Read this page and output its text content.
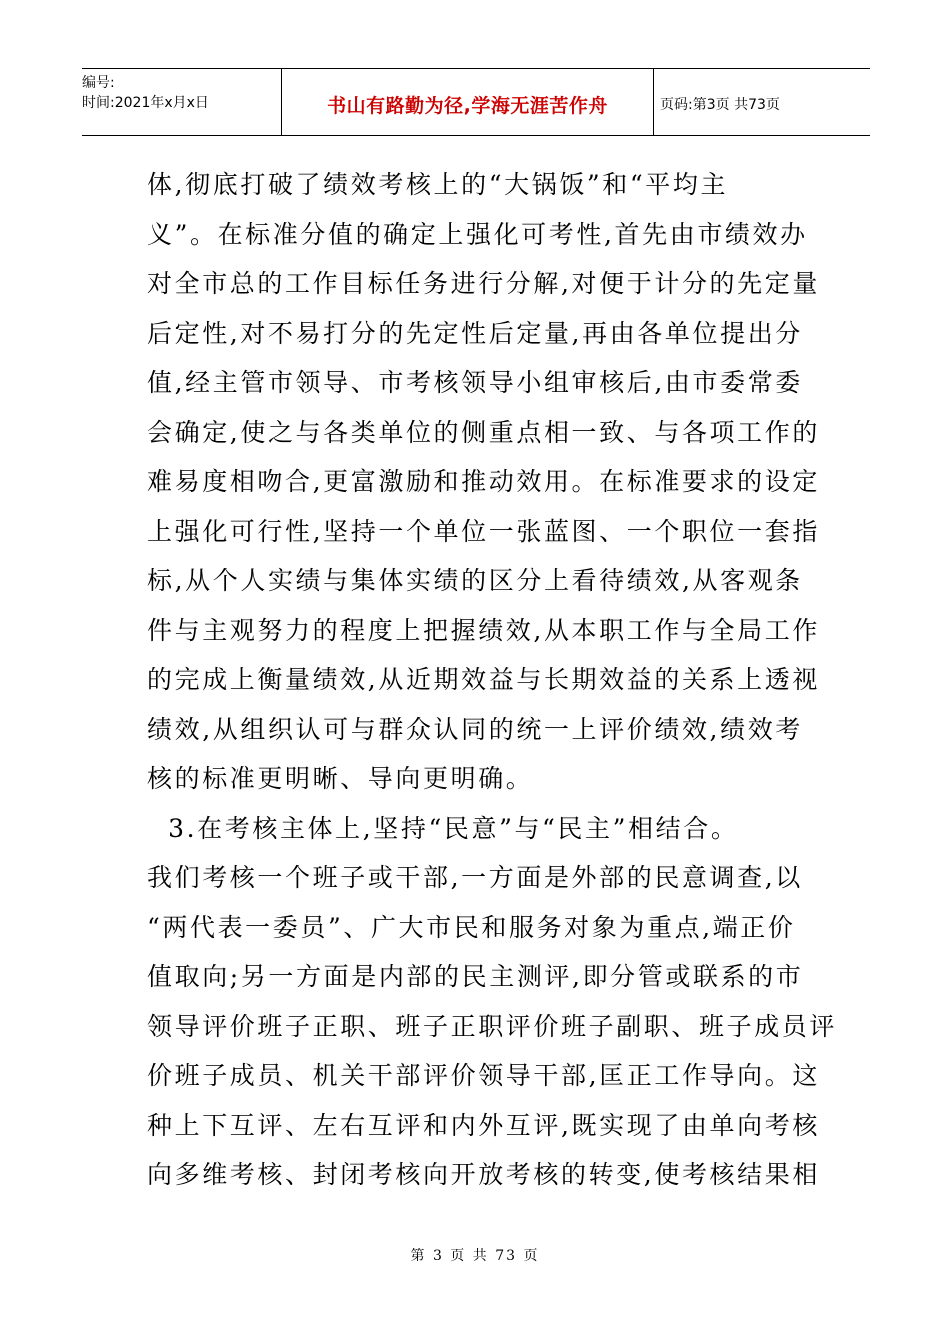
编号:
时间:2021年x月x日	书山有路勤为径,学海无涯苦作舟	页码:第3页 共73页
体,彻底打破了绩效考核上的“大锅饭”和“平均主
义”。在标准分值的确定上强化可考性,首先由市绩效办
对全市总的工作目标任务进行分解,对便于计分的先定量
后定性,对不易打分的先定性后定量,再由各单位提出分
值,经主管市领导、市考核领导小组审核后,由市委常委
会确定,使之与各类单位的侧重点相一致、与各项工作的
难易度相吻合,更富激励和推动效用。在标准要求的设定
上强化可行性,坚持一个单位一张蓝图、一个职位一套指
标,从个人实绩与集体实绩的区分上看待绩效,从客观条
件与主观努力的程度上把握绩效,从本职工作与全局工作
的完成上衡量绩效,从近期效益与长期效益的关系上透视
绩效,从组织认可与群众认同的统一上评价绩效,绩效考
核的标准更明晰、导向更明确。
3.在考核主体上,坚持“民意”与“民主”相结合。
我们考核一个班子或干部,一方面是外部的民意调查,以
“两代表一委员”、广大市民和服务对象为重点,端正价
值取向;另一方面是内部的民主测评,即分管或联系的市
领导评价班子正职、班子正职评价班子副职、班子成员评
价班子成员、机关干部评价领导干部,匡正工作导向。这
种上下互评、左右互评和内外互评,既实现了由单向考核
向多维考核、封闭考核向开放考核的转变,使考核结果相
第 3 页 共 73 页
